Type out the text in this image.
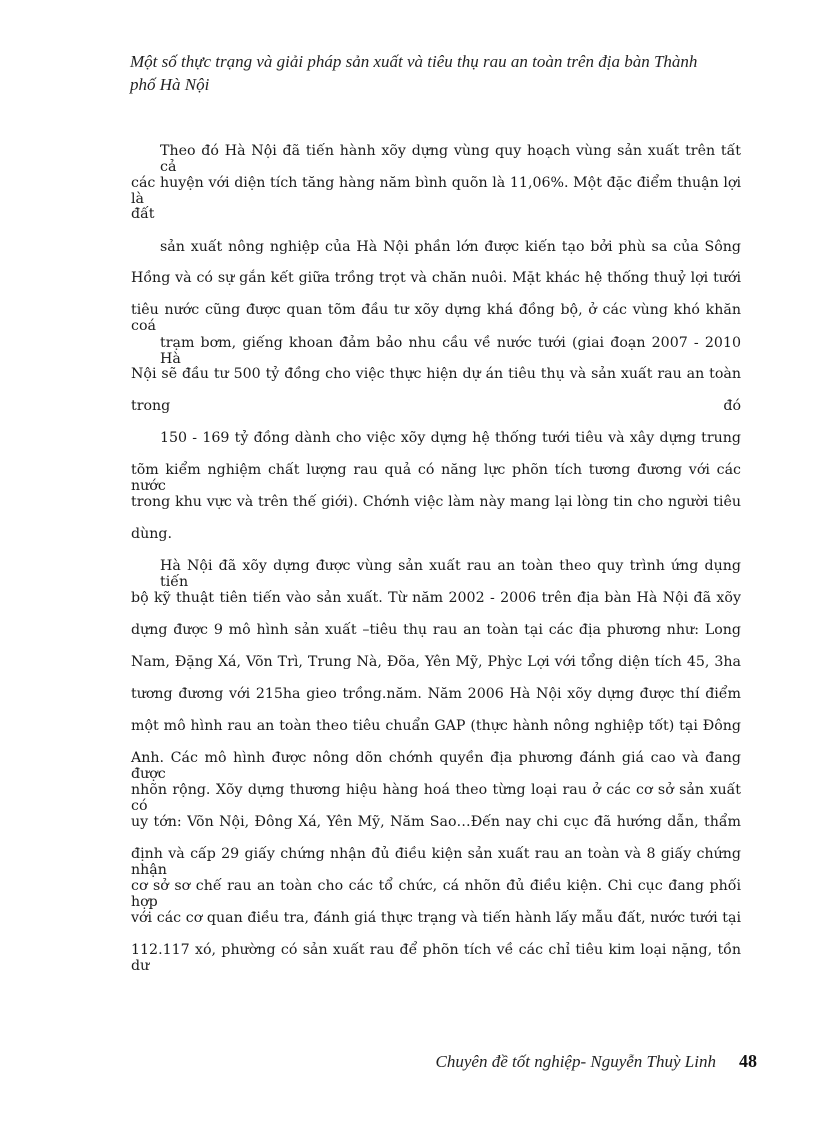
Một số thực trạng và giải pháp sản xuất và tiêu thụ rau an toàn trên địa bàn Thành
phố Hà Nội
Theo đó Hà Nội đã tiến hành xõy dựng vùng quy hoạch vùng sản xuất trên tất cả
các huyện với diện tích tăng hàng năm bình quõn là 11,06%. Một đặc điểm thuận lợi là
đất
sản xuất nông nghiệp của Hà Nội phần lớn được kiến tạo bởi phù sa của Sông
Hồng và có sự gắn kết giữa trồng trọt và chăn nuôi. Mặt khác hệ thống thuỷ lợi tưới
tiêu nước cũng được quan tõm đầu tư xõy dựng khá đồng bộ, ở các vùng khó khăn coá
trạm bơm, giếng khoan đảm bảo nhu cầu về nước tưới (giai đoạn 2007 - 2010 Hà
Nội sẽ đầu tư 500 tỷ đồng cho việc thực hiện dự án tiêu thụ và sản xuất rau an toàn
trong	đó
150 - 169 tỷ đồng dành cho việc xõy dựng hệ thống tưới tiêu và xây dựng trung
tõm kiểm nghiệm chất lượng rau quả có năng lực phõn tích tương đương với các nước
trong khu vực và trên thế giới). Chớnh việc làm này mang lại lòng tin cho người tiêu
dùng.
Hà Nội đã xõy dựng được vùng sản xuất rau an toàn theo quy trình ứng dụng tiến
bộ kỹ thuật tiên tiến vào sản xuất. Từ năm 2002 - 2006 trên địa bàn Hà Nội đã xõy
dựng được 9 mô hình sản xuất –tiêu thụ rau an toàn tại các địa phương như: Long
Nam, Đặng Xá, Võn Trì, Trung Nà, Đõa, Yên Mỹ, Phỳc Lợi với tổng diện tích 45, 3ha
tương đương với 215ha gieo trồng.năm. Năm 2006 Hà Nội xõy dựng được thí điểm
một mô hình rau an toàn theo tiêu chuẩn GAP (thực hành nông nghiệp tốt) tại Đông
Anh. Các mô hình được nông dõn chớnh quyền địa phương đánh giá cao và đang được
nhõn rộng. Xõy dựng thương hiệu hàng hoá theo từng loại rau ở các cơ sở sản xuất có
uy tớn: Võn Nội, Đông Xá, Yên Mỹ, Năm Sao…Đến nay chi cục đã hướng dẫn, thẩm
định và cấp 29 giấy chứng nhận đủ điều kiện sản xuất rau an toàn và 8 giấy chứng nhận
cơ sở sơ chế rau an toàn cho các tổ chức, cá nhõn đủ điều kiện. Chi cục đang phối hợp
với các cơ quan điều tra, đánh giá thực trạng và tiến hành lấy mẫu đất, nước tưới tại
112.117 xó, phường có sản xuất rau để phõn tích về các chỉ tiêu kim loại nặng, tồn dư
Chuyên đề tốt nghiệp- Nguyễn Thuỳ Linh 48
